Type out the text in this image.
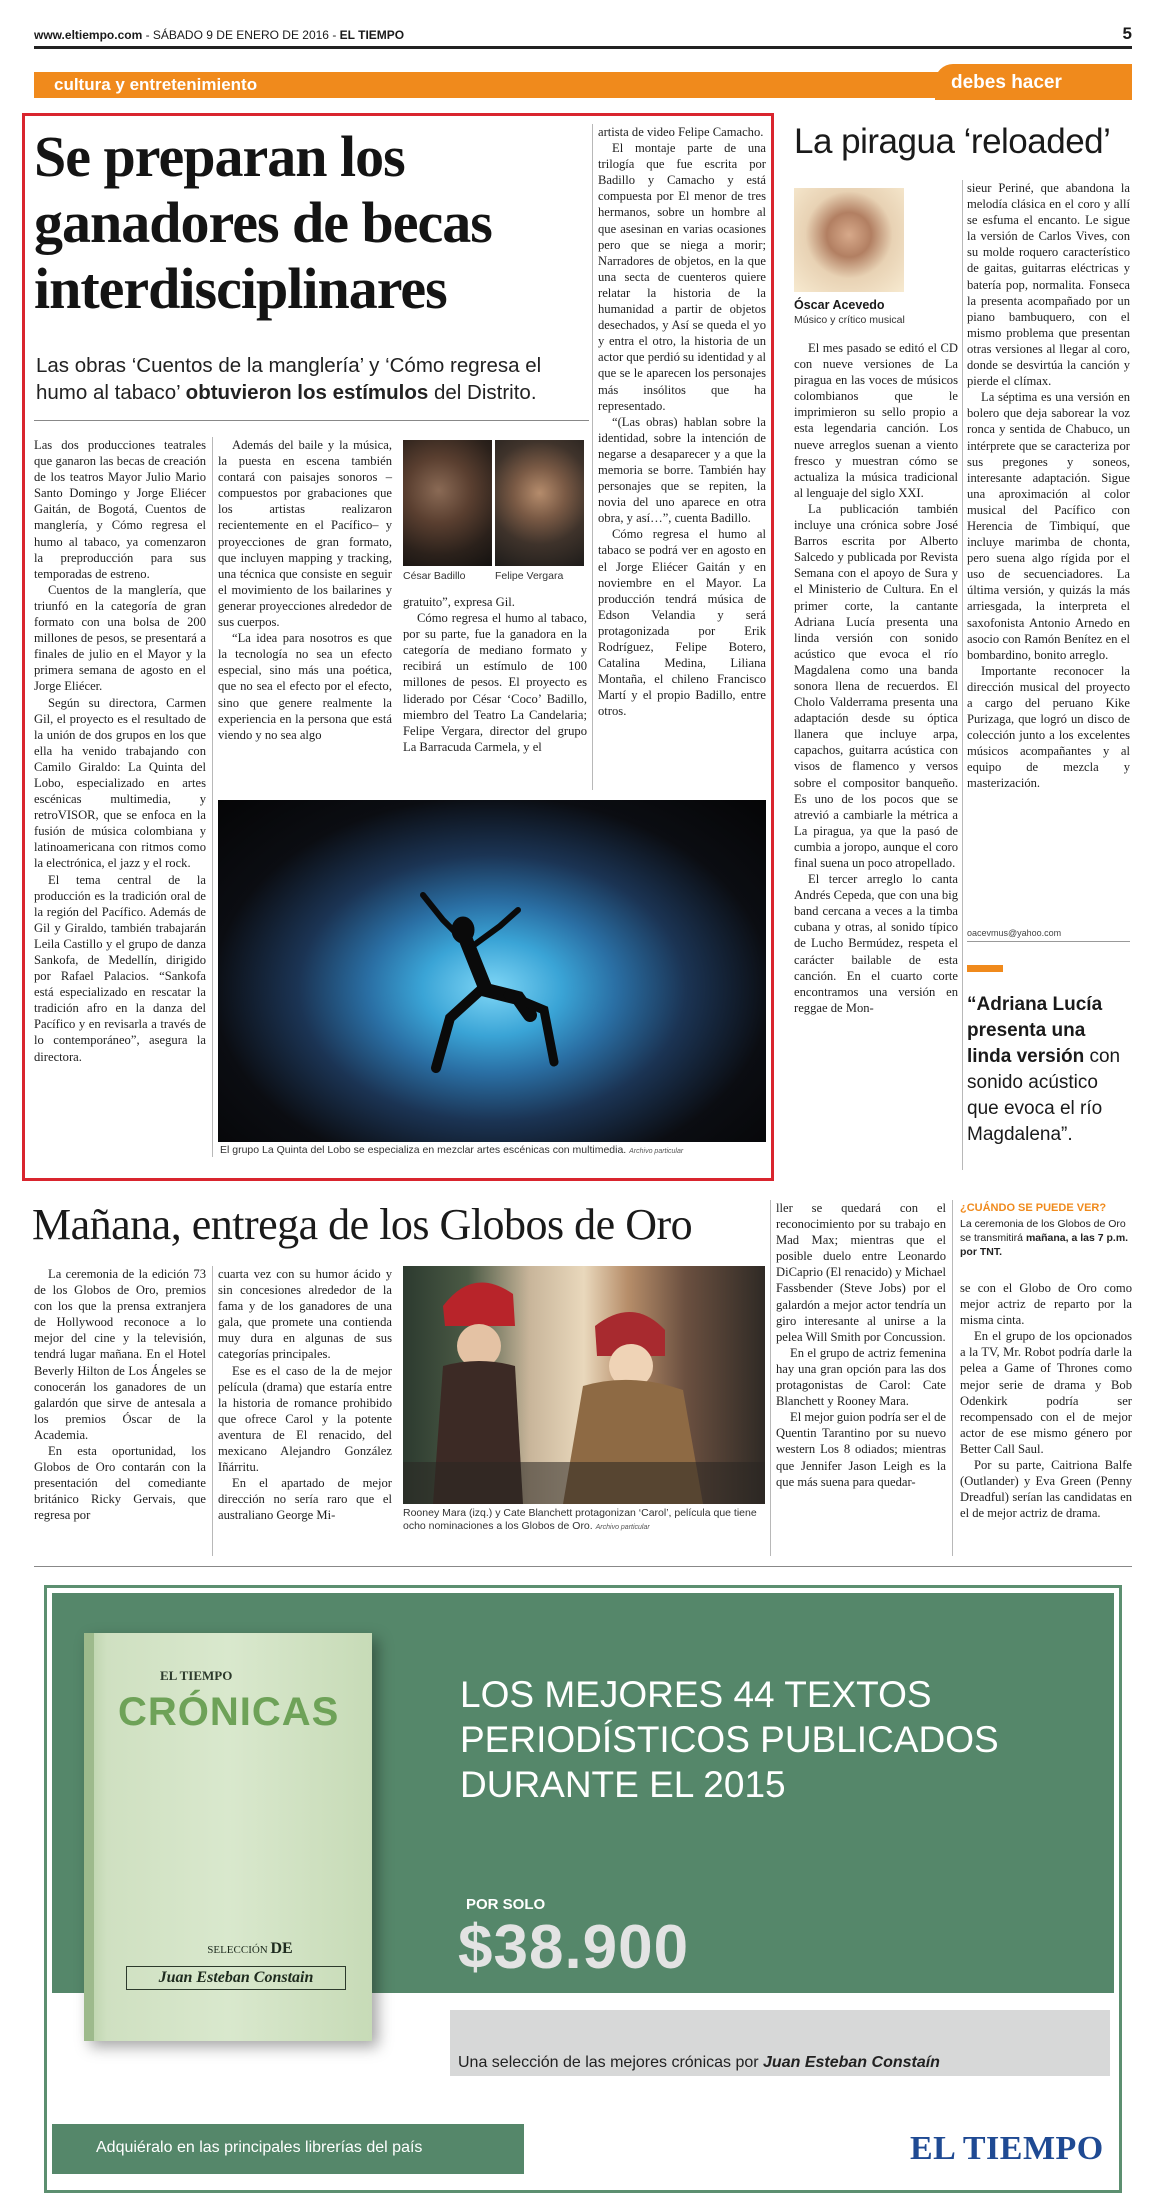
www.eltiempo.com - SÁBADO 9 DE ENERO DE 2016 - EL TIEMPO	5
cultura y entretenimiento	debes hacer
Se preparan los
ganadores de becas
interdisciplinares
Las obras ‘Cuentos de la manglería’ y ‘Cómo regresa el humo al tabaco’ obtuvieron los estímulos del Distrito.

Las dos producciones teatrales que ganaron las becas de creación de los teatros Mayor Julio Mario Santo Domingo y Jorge Eliécer Gaitán, de Bogotá, Cuentos de manglería, y Cómo regresa el humo al tabaco, ya comenzaron la preproducción para sus temporadas de estreno.

Cuentos de la manglería, que triunfó en la categoría de gran formato con una bolsa de 200 millones de pesos, se presentará a finales de julio en el Mayor y la primera semana de agosto en el Jorge Eliécer.

Según su directora, Carmen Gil, el proyecto es el resultado de la unión de dos grupos en los que ella ha venido trabajando con Camilo Giraldo: La Quinta del Lobo, especializado en artes escénicas multimedia, y retroVISOR, que se enfoca en la fusión de música colombiana y latinoamericana con ritmos como la electrónica, el jazz y el rock.

El tema central de la producción es la tradición oral de la región del Pacífico. Además de Gil y Giraldo, también trabajarán Leila Castillo y el grupo de danza Sankofa, de Medellín, dirigido por Rafael Palacios. “Sankofa está especializado en rescatar la tradición afro en la danza del Pacífico y en revisarla a través de lo contemporáneo”, asegura la directora.

Además del baile y la música, la puesta en escena también contará con paisajes sonoros –compuestos por grabaciones que los artistas realizaron recientemente en el Pacífico– y proyecciones de gran formato, que incluyen mapping y tracking, una técnica que consiste en seguir el movimiento de los bailarines y generar proyecciones alrededor de sus cuerpos.

“La idea para nosotros es que la tecnología no sea un efecto especial, sino más una poética, que no sea el efecto por el efecto, sino que genere realmente la experiencia en la persona que está viendo y no sea algo

César Badillo	Felipe Vergara

gratuito”, expresa Gil.

Cómo regresa el humo al tabaco, por su parte, fue la ganadora en la categoría de mediano formato y recibirá un estímulo de 100 millones de pesos. El proyecto es liderado por César ‘Coco’ Badillo, miembro del Teatro La Candelaria; Felipe Vergara, director del grupo La Barracuda Carmela, y el

artista de video Felipe Camacho.

El montaje parte de una trilogía que fue escrita por Badillo y Camacho y está compuesta por El menor de tres hermanos, sobre un hombre al que asesinan en varias ocasiones pero que se niega a morir; Narradores de objetos, en la que una secta de cuenteros quiere relatar la historia de la humanidad a partir de objetos desechados, y Así se queda el yo y entra el otro, la historia de un actor que perdió su identidad y al que se le aparecen los personajes más insólitos que ha representado.

“(Las obras) hablan sobre la identidad, sobre la intención de negarse a desaparecer y a que la memoria se borre. También hay personajes que se repiten, la novia del uno aparece en otra obra, y así…”, cuenta Badillo.

Cómo regresa el humo al tabaco se podrá ver en agosto en el Jorge Eliécer Gaitán y en noviembre en el Mayor. La producción tendrá música de Edson Velandia y será protagonizada por Erik Rodríguez, Felipe Botero, Catalina Medina, Liliana Montaña, el chileno Francisco Martí y el propio Badillo, entre otros.

El grupo La Quinta del Lobo se especializa en mezclar artes escénicas con multimedia. Archivo particular
La piragua ‘reloaded’
Óscar Acevedo
Músico y crítico musical

El mes pasado se editó el CD con nueve versiones de La piragua en las voces de músicos colombianos que le imprimieron su sello propio a esta legendaria canción. Los nueve arreglos suenan a viento fresco y muestran cómo se actualiza la música tradicional al lenguaje del siglo XXI.

La publicación también incluye una crónica sobre José Barros escrita por Alberto Salcedo y publicada por Revista Semana con el apoyo de Sura y el Ministerio de Cultura. En el primer corte, la cantante Adriana Lucía presenta una linda versión con sonido acústico que evoca el río Magdalena como una banda sonora llena de recuerdos. El Cholo Valderrama presenta una adaptación desde su óptica llanera que incluye arpa, capachos, guitarra acústica con visos de flamenco y versos sobre el compositor banqueño. Es uno de los pocos que se atrevió a cambiarle la métrica a La piragua, ya que la pasó de cumbia a joropo, aunque el coro final suena un poco atropellado.

El tercer arreglo lo canta Andrés Cepeda, que con una big band cercana a veces a la timba cubana y otras, al sonido típico de Lucho Bermúdez, respeta el carácter bailable de esta canción. En el cuarto corte encontramos una versión en reggae de Mon-

sieur Periné, que abandona la melodía clásica en el coro y allí se esfuma el encanto. Le sigue la versión de Carlos Vives, con su molde roquero característico de gaitas, guitarras eléctricas y batería pop, normalita. Fonseca la presenta acompañado por un piano bambuquero, con el mismo problema que presentan otras versiones al llegar al coro, donde se desvirtúa la canción y pierde el clímax.

La séptima es una versión en bolero que deja saborear la voz ronca y sentida de Chabuco, un intérprete que se caracteriza por sus pregones y soneos, interesante adaptación. Sigue una aproximación al color musical del Pacífico con Herencia de Timbiquí, que incluye marimba de chonta, pero suena algo rígida por el uso de secuenciadores. La última versión, y quizás la más arriesgada, la interpreta el saxofonista Antonio Arnedo en asocio con Ramón Benítez en el bombardino, bonito arreglo.

Importante reconocer la dirección musical del proyecto a cargo del peruano Kike Purizaga, que logró un disco de colección junto a los excelentes músicos acompañantes y al equipo de mezcla y masterización.

oacevmus@yahoo.com
“Adriana Lucía presenta una linda versión con sonido acústico que evoca el río Magdalena”.
Mañana, entrega de los Globos de Oro

La ceremonia de la edición 73 de los Globos de Oro, premios con los que la prensa extranjera de Hollywood reconoce a lo mejor del cine y la televisión, tendrá lugar mañana. En el Hotel Beverly Hilton de Los Ángeles se conocerán los ganadores de un galardón que sirve de antesala a los premios Óscar de la Academia.

En esta oportunidad, los Globos de Oro contarán con la presentación del comediante británico Ricky Gervais, que regresa por

cuarta vez con su humor ácido y sin concesiones alrededor de la fama y de los ganadores de una gala, que promete una contienda muy dura en algunas de sus categorías principales.

Ese es el caso de la de mejor película (drama) que estaría entre la historia de romance prohibido que ofrece Carol y la potente aventura de El renacido, del mexicano Alejandro González Iñárritu.

En el apartado de mejor dirección no sería raro que el australiano George Mi-	Rooney Mara (izq.) y Cate Blanchett protagonizan ‘Carol’, película que tiene ocho nominaciones a los Globos de Oro. Archivo particular

ller se quedará con el reconocimiento por su trabajo en Mad Max; mientras que el posible duelo entre Leonardo DiCaprio (El renacido) y Michael Fassbender (Steve Jobs) por el galardón a mejor actor tendría un giro interesante al unirse a la pelea Will Smith por Concussion.

En el grupo de actriz femenina hay una gran opción para las dos protagonistas de Carol: Cate Blanchett y Rooney Mara.

El mejor guion podría ser el de Quentin Tarantino por su nuevo western Los 8 odiados; mientras que Jennifer Jason Leigh es la que más suena para quedar-

¿CUÁNDO SE PUEDE VER?
La ceremonia de los Globos de Oro se transmitirá mañana, a las 7 p.m. por TNT.

se con el Globo de Oro como mejor actriz de reparto por la misma cinta.

En el grupo de los opcionados a la TV, Mr. Robot podría darle la pelea a Game of Thrones como mejor serie de drama y Bob Odenkirk podría ser recompensado con el de mejor actor de ese mismo género por Better Call Saul.

Por su parte, Caitriona Balfe (Outlander) y Eva Green (Penny Dreadful) serían las candidatas en el de mejor actriz de drama.

EL TIEMPO
CRÓNICAS
SELECCIÓN DE
Juan Esteban Constain
LOS MEJORES 44 TEXTOS
PERIODÍSTICOS PUBLICADOS
DURANTE EL 2015
POR SOLO
$38.900
Una selección de las mejores crónicas por Juan Esteban Constaín
Adquiéralo en las principales librerías del país	EL TIEMPO
